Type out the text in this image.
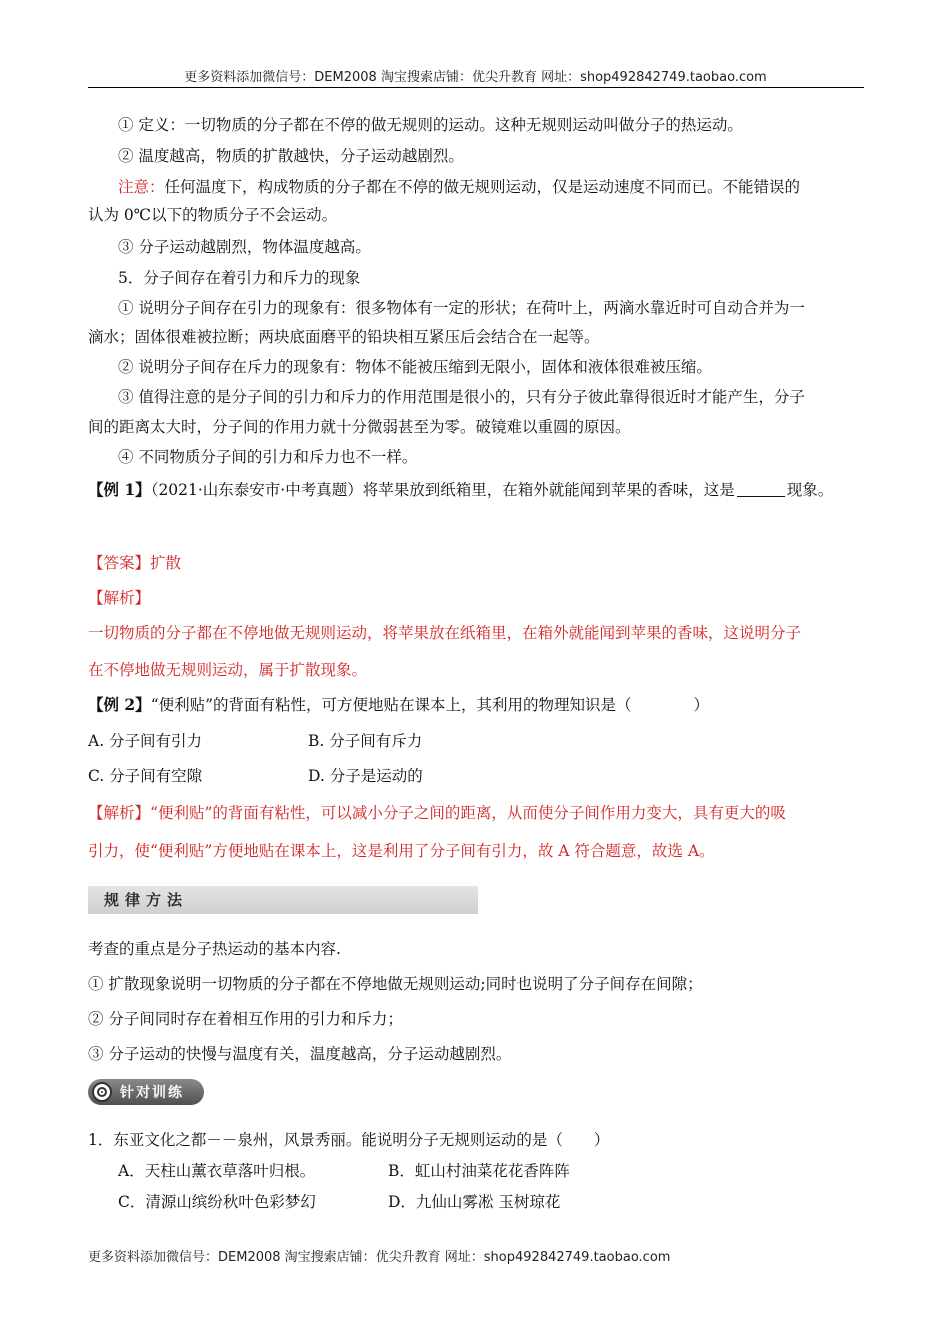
更多资料添加微信号：DEM2008 淘宝搜索店铺：优尖升教育 网址：shop492842749.taobao.com
① 定义：一切物质的分子都在不停的做无规则的运动。这种无规则运动叫做分子的热运动。
② 温度越高，物质的扩散越快，分子运动越剧烈。
注意：任何温度下，构成物质的分子都在不停的做无规则运动，仅是运动速度不同而已。不能错误的
认为 0℃以下的物质分子不会运动。
③ 分子运动越剧烈，物体温度越高。
5．分子间存在着引力和斥力的现象
① 说明分子间存在引力的现象有：很多物体有一定的形状；在荷叶上，两滴水靠近时可自动合并为一
滴水；固体很难被拉断；两块底面磨平的铅块相互紧压后会结合在一起等。
② 说明分子间存在斥力的现象有：物体不能被压缩到无限小，固体和液体很难被压缩。
③ 值得注意的是分子间的引力和斥力的作用范围是很小的，只有分子彼此靠得很近时才能产生，分子
间的距离太大时，分子间的作用力就十分微弱甚至为零。破镜难以重圆的原因。
④ 不同物质分子间的引力和斥力也不一样。
【例 1】（2021·山东泰安市·中考真题）将苹果放到纸箱里，在箱外就能闻到苹果的香味，这是	现象。
【答案】扩散
【解析】
一切物质的分子都在不停地做无规则运动，将苹果放在纸箱里，在箱外就能闻到苹果的香味，这说明分子
在不停地做无规则运动，属于扩散现象。
【例 2】“便利贴”的背面有粘性，可方便地贴在课本上，其利用的物理知识是（　　　　）
A. 分子间有引力	B. 分子间有斥力
C. 分子间有空隙	D. 分子是运动的
【解析】“便利贴”的背面有粘性，可以减小分子之间的距离，从而使分子间作用力变大，具有更大的吸
引力，使“便利贴”方便地贴在课本上，这是利用了分子间有引力，故 A 符合题意，故选 A。
规律方法
考查的重点是分子热运动的基本内容.
① 扩散现象说明一切物质的分子都在不停地做无规则运动;同时也说明了分子间存在间隙；
② 分子间同时存在着相互作用的引力和斥力；
③ 分子运动的快慢与温度有关，温度越高，分子运动越剧烈。
针对训练
1．东亚文化之都－－泉州，风景秀丽。能说明分子无规则运动的是（　　）
A．天柱山薰衣草落叶归根。	B．虹山村油菜花花香阵阵
C．清源山缤纷秋叶色彩梦幻	D．九仙山雾凇 玉树琼花
更多资料添加微信号：DEM2008 淘宝搜索店铺：优尖升教育 网址：shop492842749.taobao.com
